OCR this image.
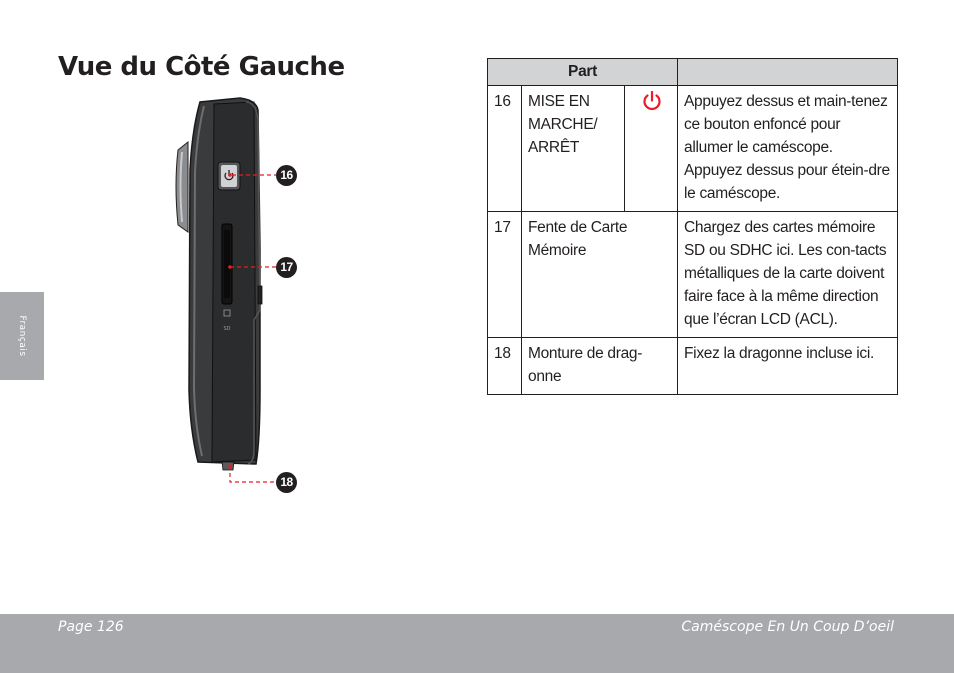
Vue du Côté Gauche
Français	SD
16
17
18
Part			
16	MISE EN MARCHE/ ARRÊT		Appuyez dessus et main-tenez ce bouton enfoncé pour allumer le caméscope. Appuyez dessus pour étein-dre le caméscope.
17	Fente de Carte Mémoire		Chargez des cartes mémoire SD ou SDHC ici. Les con-tacts métalliques de la carte doivent faire face à la même direction que l’écran LCD (ACL).
18	Monture de drag-onne		Fixez la dragonne incluse ici.
Page 126	Caméscope En Un Coup D’oeil
